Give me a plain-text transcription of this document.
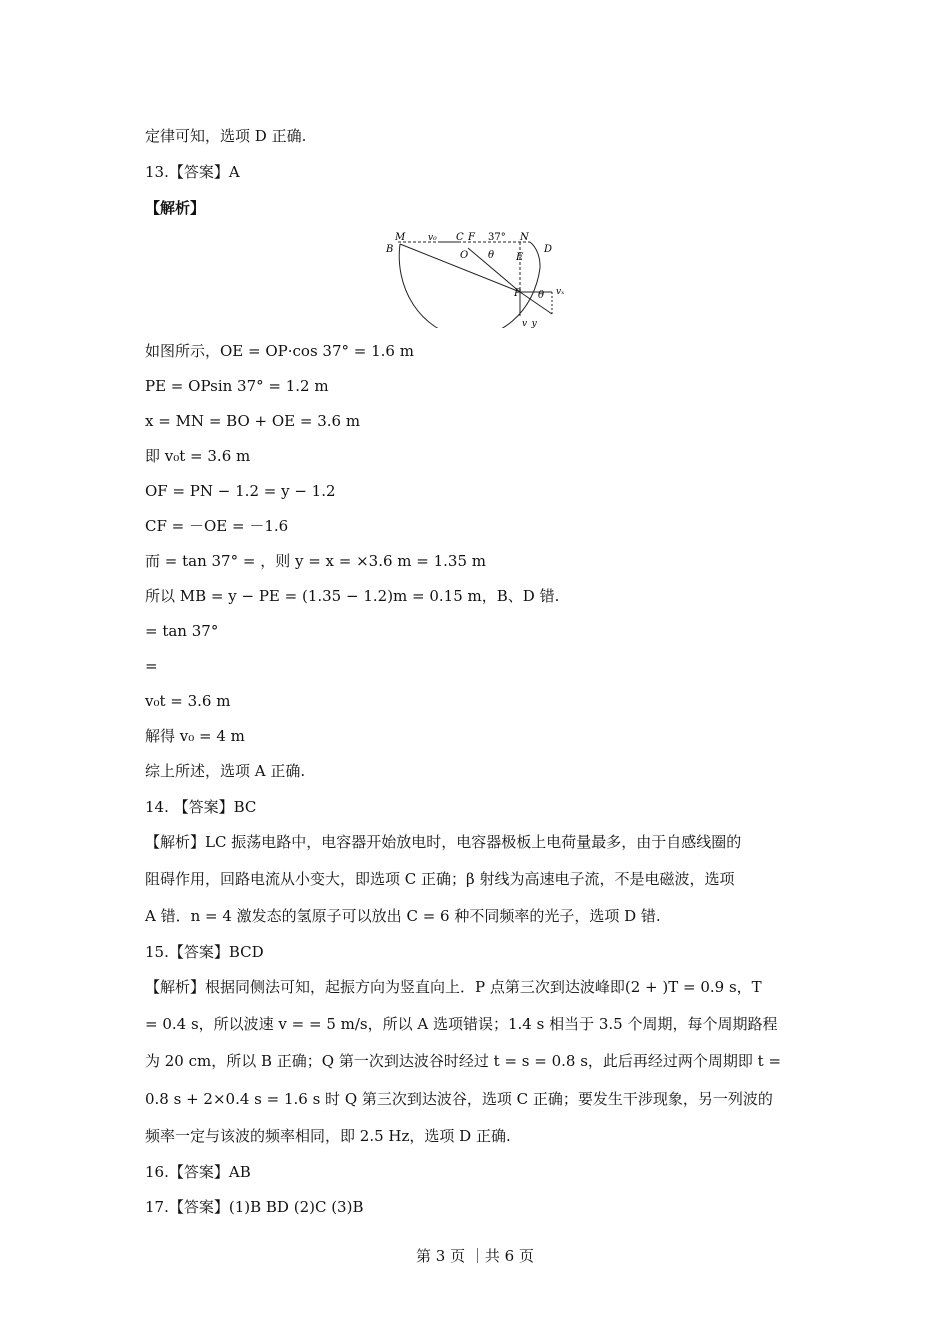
定律可知，选项 D 正确.
13.【答案】A
【解析】
M
B
v₀ C F 37° N
D
O θ E
P θ vₓ
v_y
如图所示，OE = OP·cos 37° = 1.6 m
PE = OPsin 37° = 1.2 m
x = MN = BO + OE = 3.6 m
即 v₀t = 3.6 m
OF = PN − 1.2 = y − 1.2
CF = －OE = －1.6
而 = tan 37° = ，则 y = x = ×3.6 m = 1.35 m
所以 MB = y − PE = (1.35 − 1.2)m = 0.15 m，B、D 错.
= tan 37°
=
v₀t = 3.6 m
解得 v₀ = 4 m
综上所述，选项 A 正确.
14. 【答案】BC
【解析】LC 振荡电路中，电容器开始放电时，电容器极板上电荷量最多，由于自感线圈的
阻碍作用，回路电流从小变大，即选项 C 正确；β 射线为高速电子流，不是电磁波，选项
A 错．n = 4 激发态的氢原子可以放出 C = 6 种不同频率的光子，选项 D 错.
15.【答案】BCD
【解析】根据同侧法可知，起振方向为竖直向上．P 点第三次到达波峰即(2 + )T = 0.9 s，T
= 0.4 s，所以波速 v = = 5 m/s，所以 A 选项错误；1.4 s 相当于 3.5 个周期，每个周期路程
为 20 cm，所以 B 正确；Q 第一次到达波谷时经过 t = s = 0.8 s，此后再经过两个周期即 t =
0.8 s + 2×0.4 s = 1.6 s 时 Q 第三次到达波谷，选项 C 正确；要发生干涉现象，另一列波的
频率一定与该波的频率相同，即 2.5 Hz，选项 D 正确.
16.【答案】AB
17.【答案】(1)B BD (2)C (3)B
第 3 页 ｜共 6 页
